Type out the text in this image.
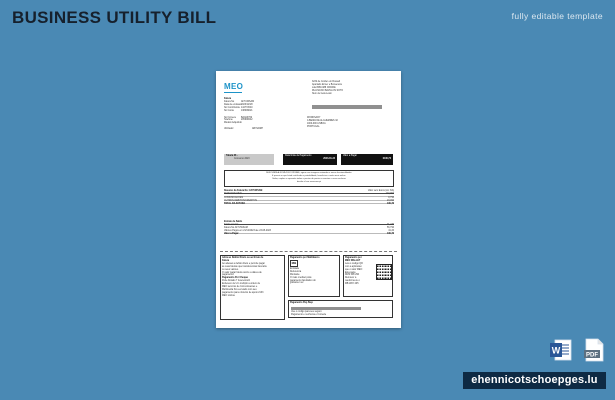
BUSINESS UTILITY BILL	fully editable template
MEO	3232 de Corder em Rousell
Apartado Ermer e Bosvenora
Lda 8080-988 CIRCRE
RUA MUNO BAVILLOS SOTO
Num de Gela Leton
Fatura
Fatura No	AF7UWSAM
Data de emissao 2023/12/28
No Contribuinte 144772040
No Conta	138009021
No Fornece	BA0A3799
Telefone	205908242
Modelo Adquirido
Utilizador	AB7GDRP
WORKSARY
A BEIRA DE ALGUEMRES 32
1000-000 LISBOA
PORTUGAL
Tabela 36 -
Consumo 2023
Data limite de Pagamento
2023-01-24
Valor a Pagar
€130,70
DESCUBRA A NOVA 2024 ORIGME, agora com imagens animadas e novos funcionalidades.
E possui se que listed certificada a portabilidade, beneficios e muito mais online.
Saiba, explore e aproveite todas a prestar de pontos o eventos e nova evolucao
devido sil em www.meo.pt
Resumo da Fatura No: AF7UWSAM	Valor sem Euros (sin IVA)
SERVICOS MEO	102,900
COMUNICACOES	0,790
OUTROS DEBITOS/CREDITOS	23,090
TOTAL DA FATURA	130,70
Extrato de Saldo
Saldo anterior	71,230
Fatura No AF7UWSAM	56,790
Valores Pagos em 21/12/2023 ate 23-08-2023	41,20
Valor a Pagar	130,70
Adira ao Debito Direto ou ao Envio de
Fatura
Ao adesao a debito direto e permite pagar
as suas faturas que transferencias bancaria
ou seus valores.
O valor pagar fatura ocorre a data a de
pagamento.
Pagamento Por Cheque
Pode Dotado 7 fevereiros/2
Endereco de Um multiplo a ordem de
MEO servicos de Comunicacoes e
Multimedia SA a enviado com seu
pagamento para o Envios de apoio 2133
MEO Lisboa
Pagamento por Multibanco
MB
Entidade
Referencia
Montante
O mais credivel pode
pagamento facultativo do
gravamer ver
Pagamento por
MEO WALLET
Leia o codigo QR
com a aplicacao
que o valor MEO
Esta paga
DMS 390 290
Remover a
nauforma ou o
MB WAY 205
Pagamento Pay-Step
Use o codigo para seu seguro
Pagamento e nenhuma e Comede
W	PDF
ehennicotschoepges.lu
